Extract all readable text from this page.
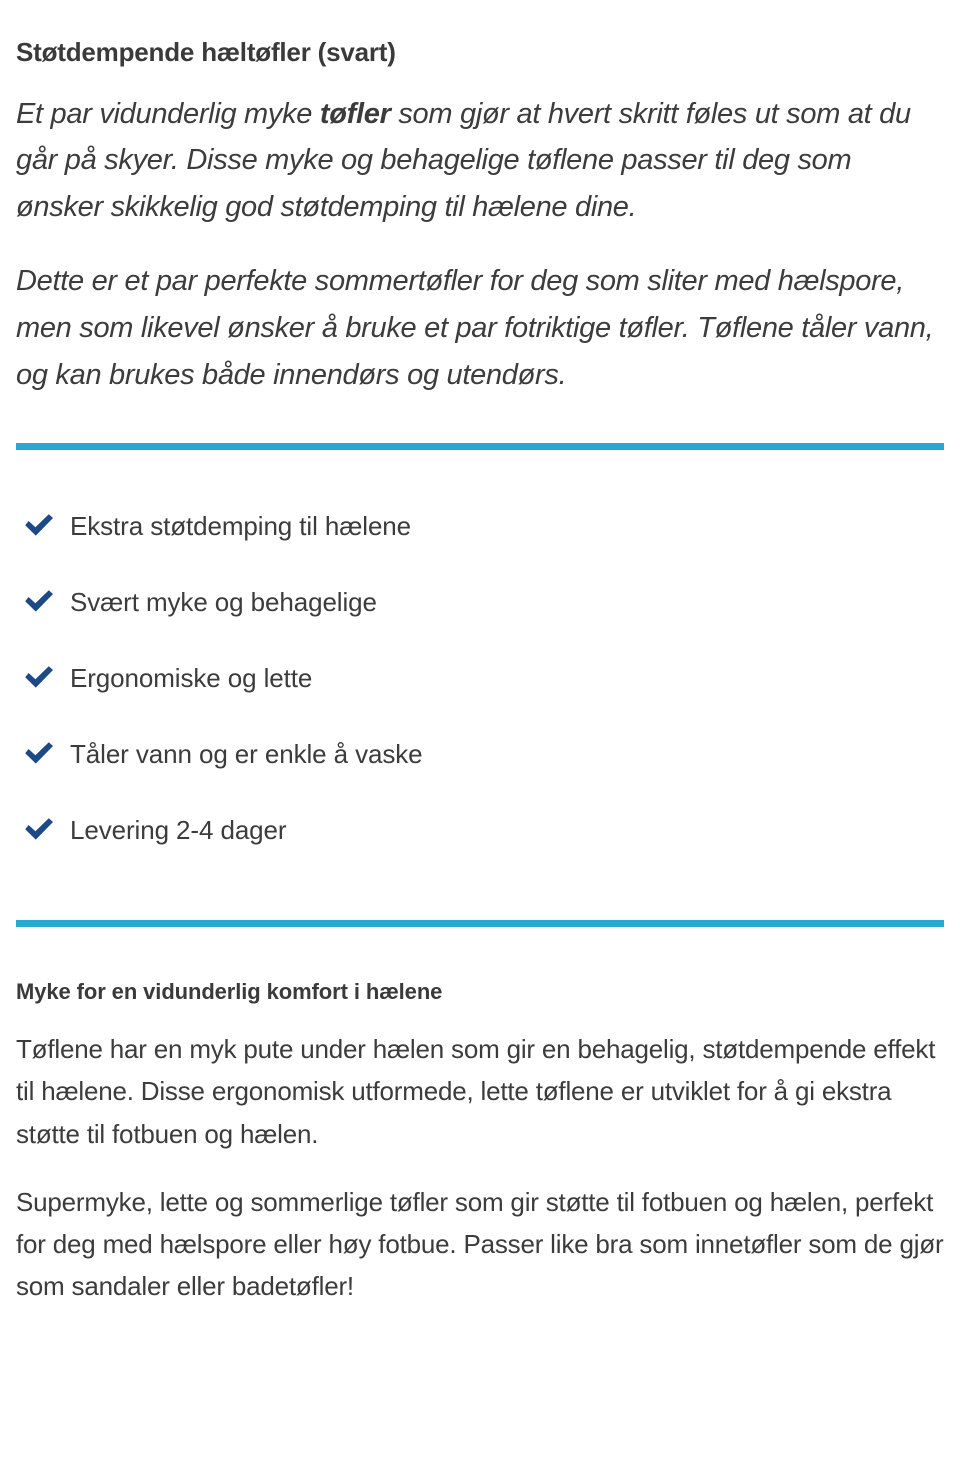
Støtdempende hæltøfler (svart)

Et par vidunderlig myke tøfler som gjør at hvert skritt føles ut som at du går på skyer. Disse myke og behagelige tøflene passer til deg som ønsker skikkelig god støtdemping til hælene dine.

Dette er et par perfekte sommertøfler for deg som sliter med hælspore, men som likevel ønsker å bruke et par fotriktige tøfler. Tøflene tåler vann, og kan brukes både innendørs og utendørs.

Ekstra støtdemping til hælene
Svært myke og behagelige
Ergonomiske og lette
Tåler vann og er enkle å vaske
Levering 2-4 dager
Myke for en vidunderlig komfort i hælene

Tøflene har en myk pute under hælen som gir en behagelig, støtdempende effekt til hælene. Disse ergonomisk utformede, lette tøflene er utviklet for å gi ekstra støtte til fotbuen og hælen.

Supermyke, lette og sommerlige tøfler som gir støtte til fotbuen og hælen, perfekt for deg med hælspore eller høy fotbue. Passer like bra som innetøfler som de gjør som sandaler eller badetøfler!
